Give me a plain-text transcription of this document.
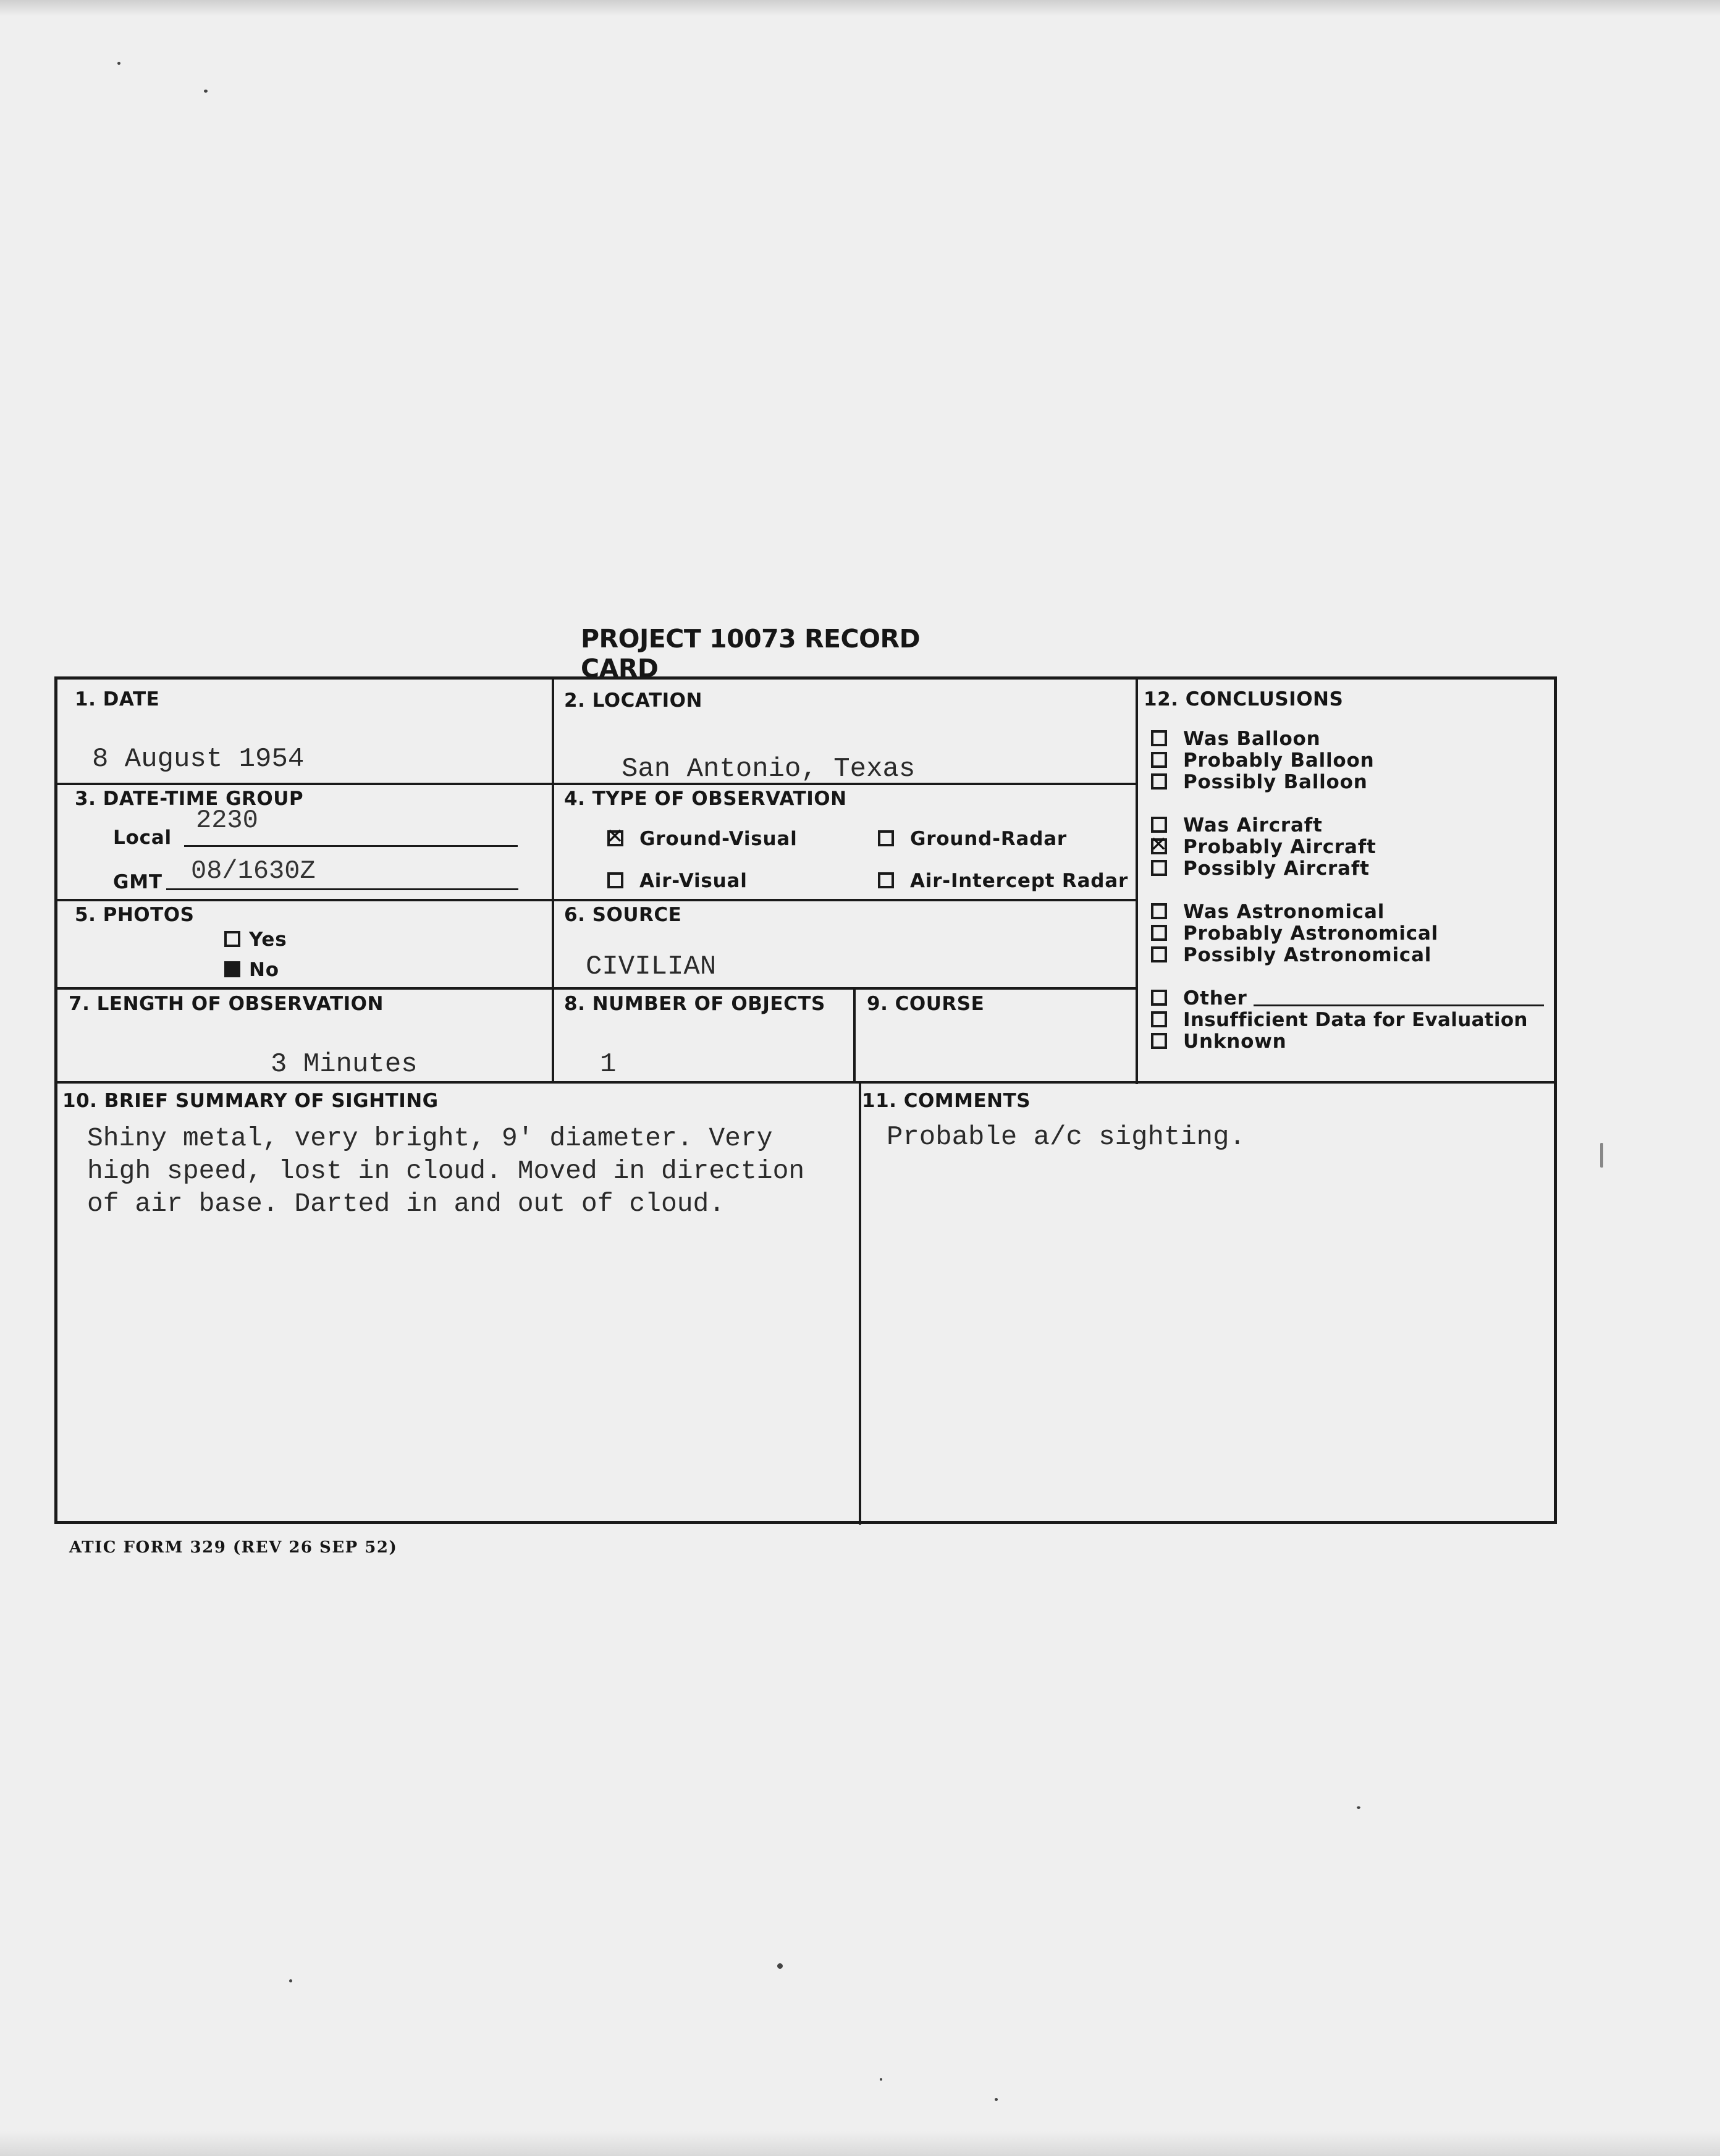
PROJECT 10073 RECORD CARD
1. DATE
8 August 1954
2. LOCATION
San Antonio, Texas
3. DATE-TIME GROUP
Local
2230
GMT 08/1630Z
4. TYPE OF OBSERVATION
✕Ground-Visual	Ground-Radar
Air-Visual	Air-Intercept Radar
5. PHOTOS
Yes
No
6. SOURCE
CIVILIAN
7. LENGTH OF OBSERVATION
3 Minutes
8. NUMBER OF OBJECTS
1
9. COURSE
10. BRIEF SUMMARY OF SIGHTING
Shiny metal, very bright, 9' diameter. Very
high speed, lost in cloud. Moved in direction
of air base. Darted in and out of cloud.
11. COMMENTS
Probable a/c sighting.
12. CONCLUSIONS
Was Balloon
Probably Balloon
Possibly Balloon
Was Aircraft
✕Probably Aircraft
Possibly Aircraft
Was Astronomical
Probably Astronomical
Possibly Astronomical
Other
Insufficient Data for Evaluation
Unknown
ATIC FORM 329 (REV 26 SEP 52)
